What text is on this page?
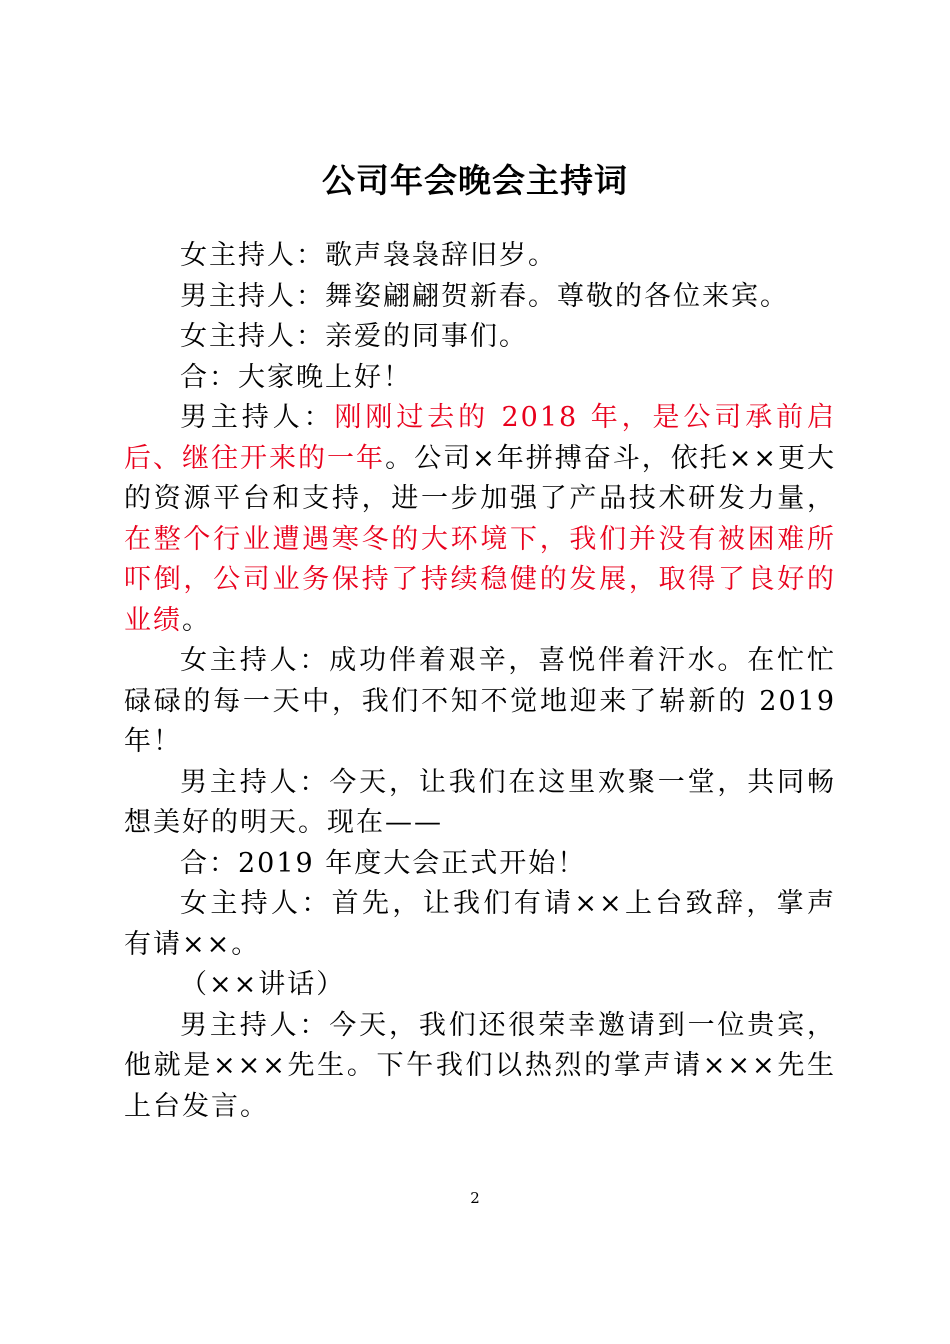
公司年会晚会主持词

女主持人：歌声袅袅辞旧岁。

男主持人：舞姿翩翩贺新春。尊敬的各位来宾。

女主持人：亲爱的同事们。

合：大家晚上好！

男主持人：刚刚过去的 2018 年，是公司承前启后、继往开来的一年。公司×年拼搏奋斗，依托××更大的资源平台和支持，进一步加强了产品技术研发力量，在整个行业遭遇寒冬的大环境下，我们并没有被困难所吓倒，公司业务保持了持续稳健的发展，取得了良好的业绩。

女主持人：成功伴着艰辛，喜悦伴着汗水。在忙忙碌碌的每一天中，我们不知不觉地迎来了崭新的 2019 年！

男主持人：今天，让我们在这里欢聚一堂，共同畅想美好的明天。现在——

合：2019 年度大会正式开始！

女主持人：首先，让我们有请××上台致辞，掌声有请××。

（××讲话）

男主持人：今天，我们还很荣幸邀请到一位贵宾，他就是×××先生。下午我们以热烈的掌声请×××先生上台发言。

2
